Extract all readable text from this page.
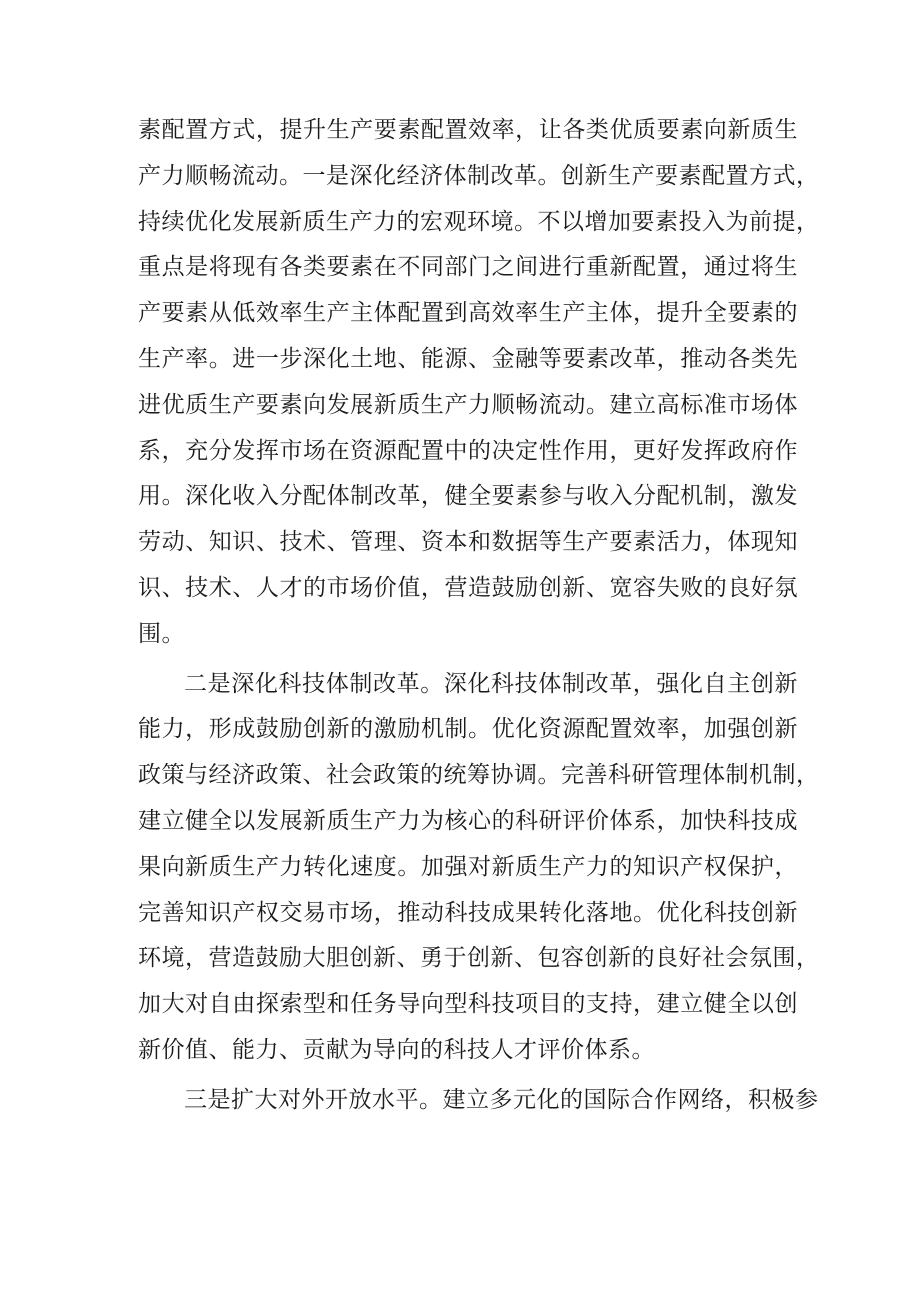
素配置方式，提升生产要素配置效率，让各类优质要素向新质生
产力顺畅流动。一是深化经济体制改革。创新生产要素配置方式，
持续优化发展新质生产力的宏观环境。不以增加要素投入为前提，
重点是将现有各类要素在不同部门之间进行重新配置，通过将生
产要素从低效率生产主体配置到高效率生产主体，提升全要素的
生产率。进一步深化土地、能源、金融等要素改革，推动各类先
进优质生产要素向发展新质生产力顺畅流动。建立高标准市场体
系，充分发挥市场在资源配置中的决定性作用，更好发挥政府作
用。深化收入分配体制改革，健全要素参与收入分配机制，激发
劳动、知识、技术、管理、资本和数据等生产要素活力，体现知
识、技术、人才的市场价值，营造鼓励创新、宽容失败的良好氛
围。
二是深化科技体制改革。深化科技体制改革，强化自主创新
能力，形成鼓励创新的激励机制。优化资源配置效率，加强创新
政策与经济政策、社会政策的统筹协调。完善科研管理体制机制，
建立健全以发展新质生产力为核心的科研评价体系，加快科技成
果向新质生产力转化速度。加强对新质生产力的知识产权保护，
完善知识产权交易市场，推动科技成果转化落地。优化科技创新
环境，营造鼓励大胆创新、勇于创新、包容创新的良好社会氛围，
加大对自由探索型和任务导向型科技项目的支持，建立健全以创
新价值、能力、贡献为导向的科技人才评价体系。
三是扩大对外开放水平。建立多元化的国际合作网络，积极参
